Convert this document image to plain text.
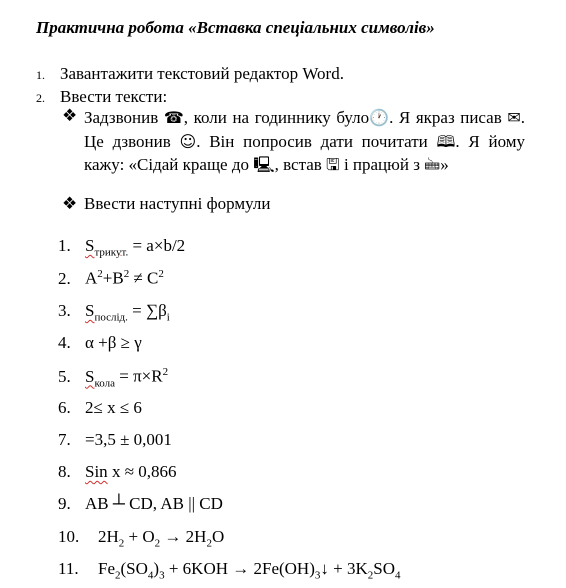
Практична робота «Вставка спеціальних символів»
1. Завантажити текстовий редактор Word.
2. Ввести тексти:
❖ Задзвонив ☎, коли на годиннику було🕐. Я якраз писав ✉. Це дзвонив ☺. Він попросив дати почитати 🕮. Я йому кажу: «Сідай краще до 🖳, встав 🖫 і працюй з 🖮»

❖ Ввести наступні формули
1. $S_{трикут.} = a\times b/2$
2. $A^2+B^2 \ne C^2$
3. $S_{послід.} = \sum\beta_i$
4. α +β ≥ γ
5. $S_{кола} = \pi\times R^2$
6. 2≤ x ≤ 6
7. =3,5 ± 0,001
8. Sin x ≈ 0,866
9. AB ┴ CD, AB || CD
10. $2H_2 + O_2 \to 2H_2O$
11. $Fe_2(SO_4)_3 + 6KOH$ → $2Fe(OH)_3↓ + 3K_2SO_4$
